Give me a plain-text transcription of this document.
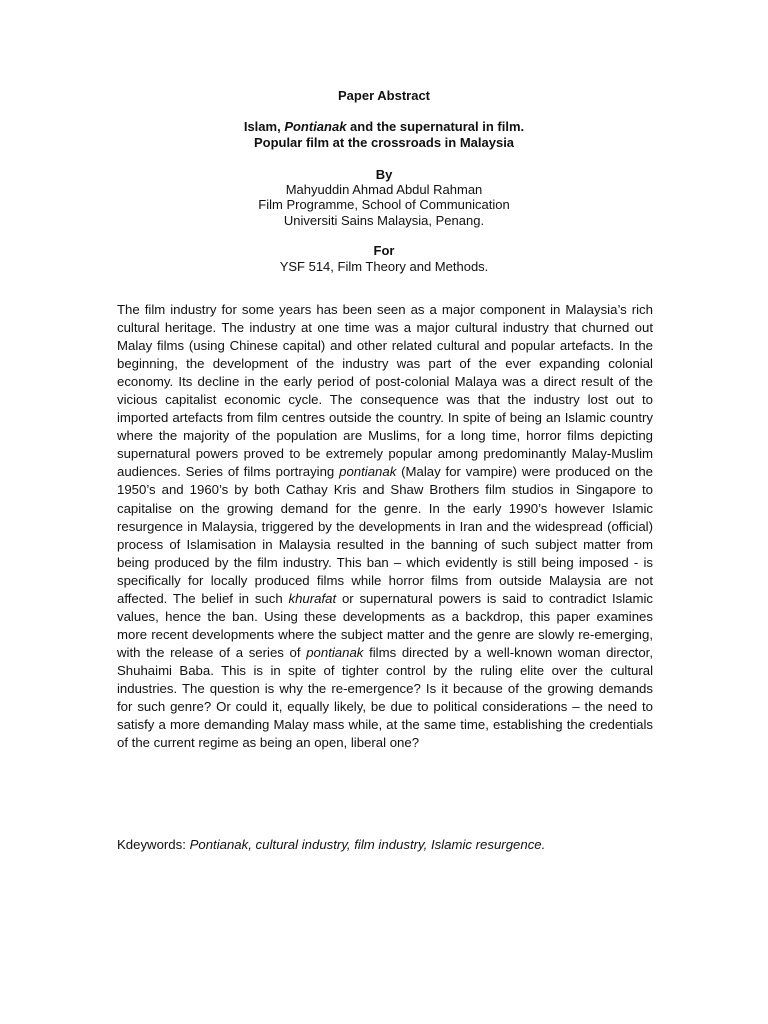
Paper Abstract
Islam, Pontianak and the supernatural in film.
Popular film at the crossroads in Malaysia
By
Mahyuddin Ahmad Abdul Rahman
Film Programme, School of Communication
Universiti Sains Malaysia, Penang.
For
YSF 514, Film Theory and Methods.
The film industry for some years has been seen as a major component in Malaysia’s rich cultural heritage. The industry at one time was a major cultural industry that churned out Malay films (using Chinese capital) and other related cultural and popular artefacts. In the beginning, the development of the industry was part of the ever expanding colonial economy. Its decline in the early period of post-colonial Malaya was a direct result of the vicious capitalist economic cycle. The consequence was that the industry lost out to imported artefacts from film centres outside the country. In spite of being an Islamic country where the majority of the population are Muslims, for a long time, horror films depicting supernatural powers proved to be extremely popular among predominantly Malay-Muslim audiences. Series of films portraying pontianak (Malay for vampire) were produced on the 1950’s and 1960’s by both Cathay Kris and Shaw Brothers film studios in Singapore to capitalise on the growing demand for the genre. In the early 1990’s however Islamic resurgence in Malaysia, triggered by the developments in Iran and the widespread (official) process of Islamisation in Malaysia resulted in the banning of such subject matter from being produced by the film industry. This ban – which evidently is still being imposed - is specifically for locally produced films while horror films from outside Malaysia are not affected. The belief in such khurafat or supernatural powers is said to contradict Islamic values, hence the ban. Using these developments as a backdrop, this paper examines more recent developments where the subject matter and the genre are slowly re-emerging, with the release of a series of pontianak films directed by a well-known woman director, Shuhaimi Baba. This is in spite of tighter control by the ruling elite over the cultural industries. The question is why the re-emergence? Is it because of the growing demands for such genre? Or could it, equally likely, be due to political considerations – the need to satisfy a more demanding Malay mass while, at the same time, establishing the credentials of the current regime as being an open, liberal one?
Kdeywords: Pontianak, cultural industry, film industry, Islamic resurgence.
